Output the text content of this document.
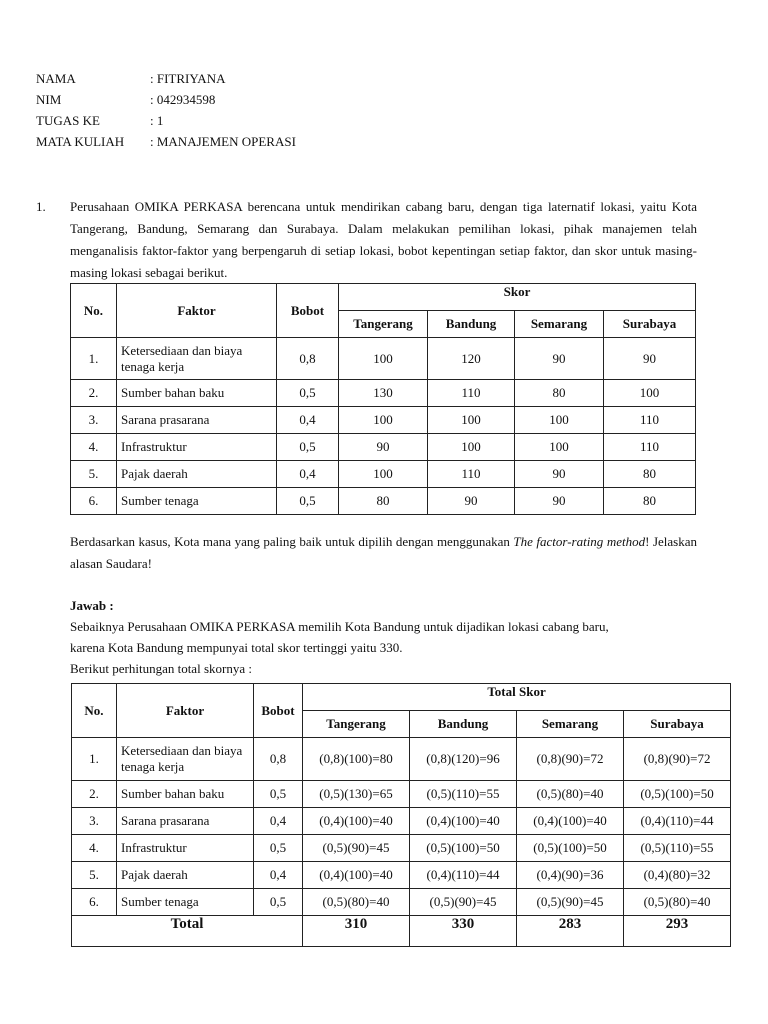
NAMA	: FITRIYANA
NIM	: 042934598
TUGAS KE	: 1
MATA KULIAH : MANAJEMEN OPERASI
1. Perusahaan OMIKA PERKASA berencana untuk mendirikan cabang baru, dengan tiga laternatif lokasi, yaitu Kota Tangerang, Bandung, Semarang dan Surabaya. Dalam melakukan pemilihan lokasi, pihak manajemen telah menganalisis faktor-faktor yang berpengaruh di setiap lokasi, bobot kepentingan setiap faktor, dan skor untuk masing-masing lokasi sebagai berikut.
No.	Faktor	Bobot	Skor			
			Tangerang	Bandung	Semarang	Surabaya
1.	Ketersediaan dan biaya tenaga kerja	0,8	100	120	90	90
2.	Sumber bahan baku	0,5	130	110	80	100
3.	Sarana prasarana	0,4	100	100	100	110
4.	Infrastruktur	0,5	90	100	100	110
5.	Pajak daerah	0,4	100	110	90	80
6.	Sumber tenaga	0,5	80	90	90	80
Berdasarkan kasus, Kota mana yang paling baik untuk dipilih dengan menggunakan The factor-rating method! Jelaskan alasan Saudara!
Jawab :
Sebaiknya Perusahaan OMIKA PERKASA memilih Kota Bandung untuk dijadikan lokasi cabang baru,
karena Kota Bandung mempunyai total skor tertinggi yaitu 330.
Berikut perhitungan total skornya :
No.	Faktor	Bobot	Total Skor			
			Tangerang	Bandung	Semarang	Surabaya
1.	Ketersediaan dan biaya tenaga kerja	0,8	(0,8)(100)=80	(0,8)(120)=96	(0,8)(90)=72	(0,8)(90)=72
2.	Sumber bahan baku	0,5	(0,5)(130)=65	(0,5)(110)=55	(0,5)(80)=40	(0,5)(100)=50
3.	Sarana prasarana	0,4	(0,4)(100)=40	(0,4)(100)=40	(0,4)(100)=40	(0,4)(110)=44
4.	Infrastruktur	0,5	(0,5)(90)=45	(0,5)(100)=50	(0,5)(100)=50	(0,5)(110)=55
5.	Pajak daerah	0,4	(0,4)(100)=40	(0,4)(110)=44	(0,4)(90)=36	(0,4)(80)=32
6.	Sumber tenaga	0,5	(0,5)(80)=40	(0,5)(90)=45	(0,5)(90)=45	(0,5)(80)=40
Total			310	330	283	293
